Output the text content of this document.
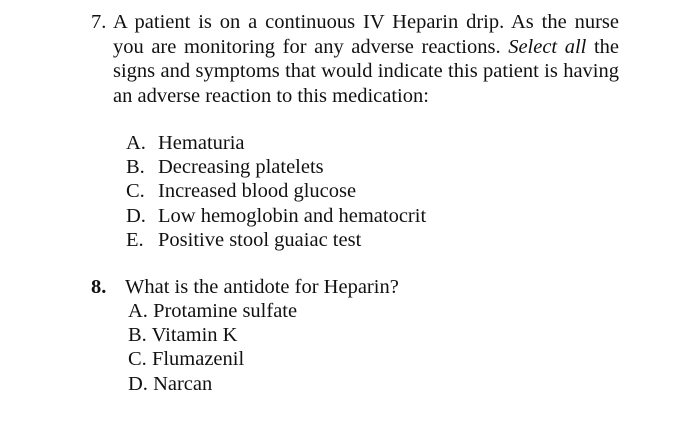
7. A patient is on a continuous IV Heparin drip. As the nurse you are monitoring for any adverse reactions. Select all the signs and symptoms that would indicate this patient is having an adverse reaction to this medication:
A. Hematuria
B. Decreasing platelets
C. Increased blood glucose
D. Low hemoglobin and hematocrit
E. Positive stool guaiac test
8. What is the antidote for Heparin?
A. Protamine sulfate
B. Vitamin K
C. Flumazenil
D. Narcan
